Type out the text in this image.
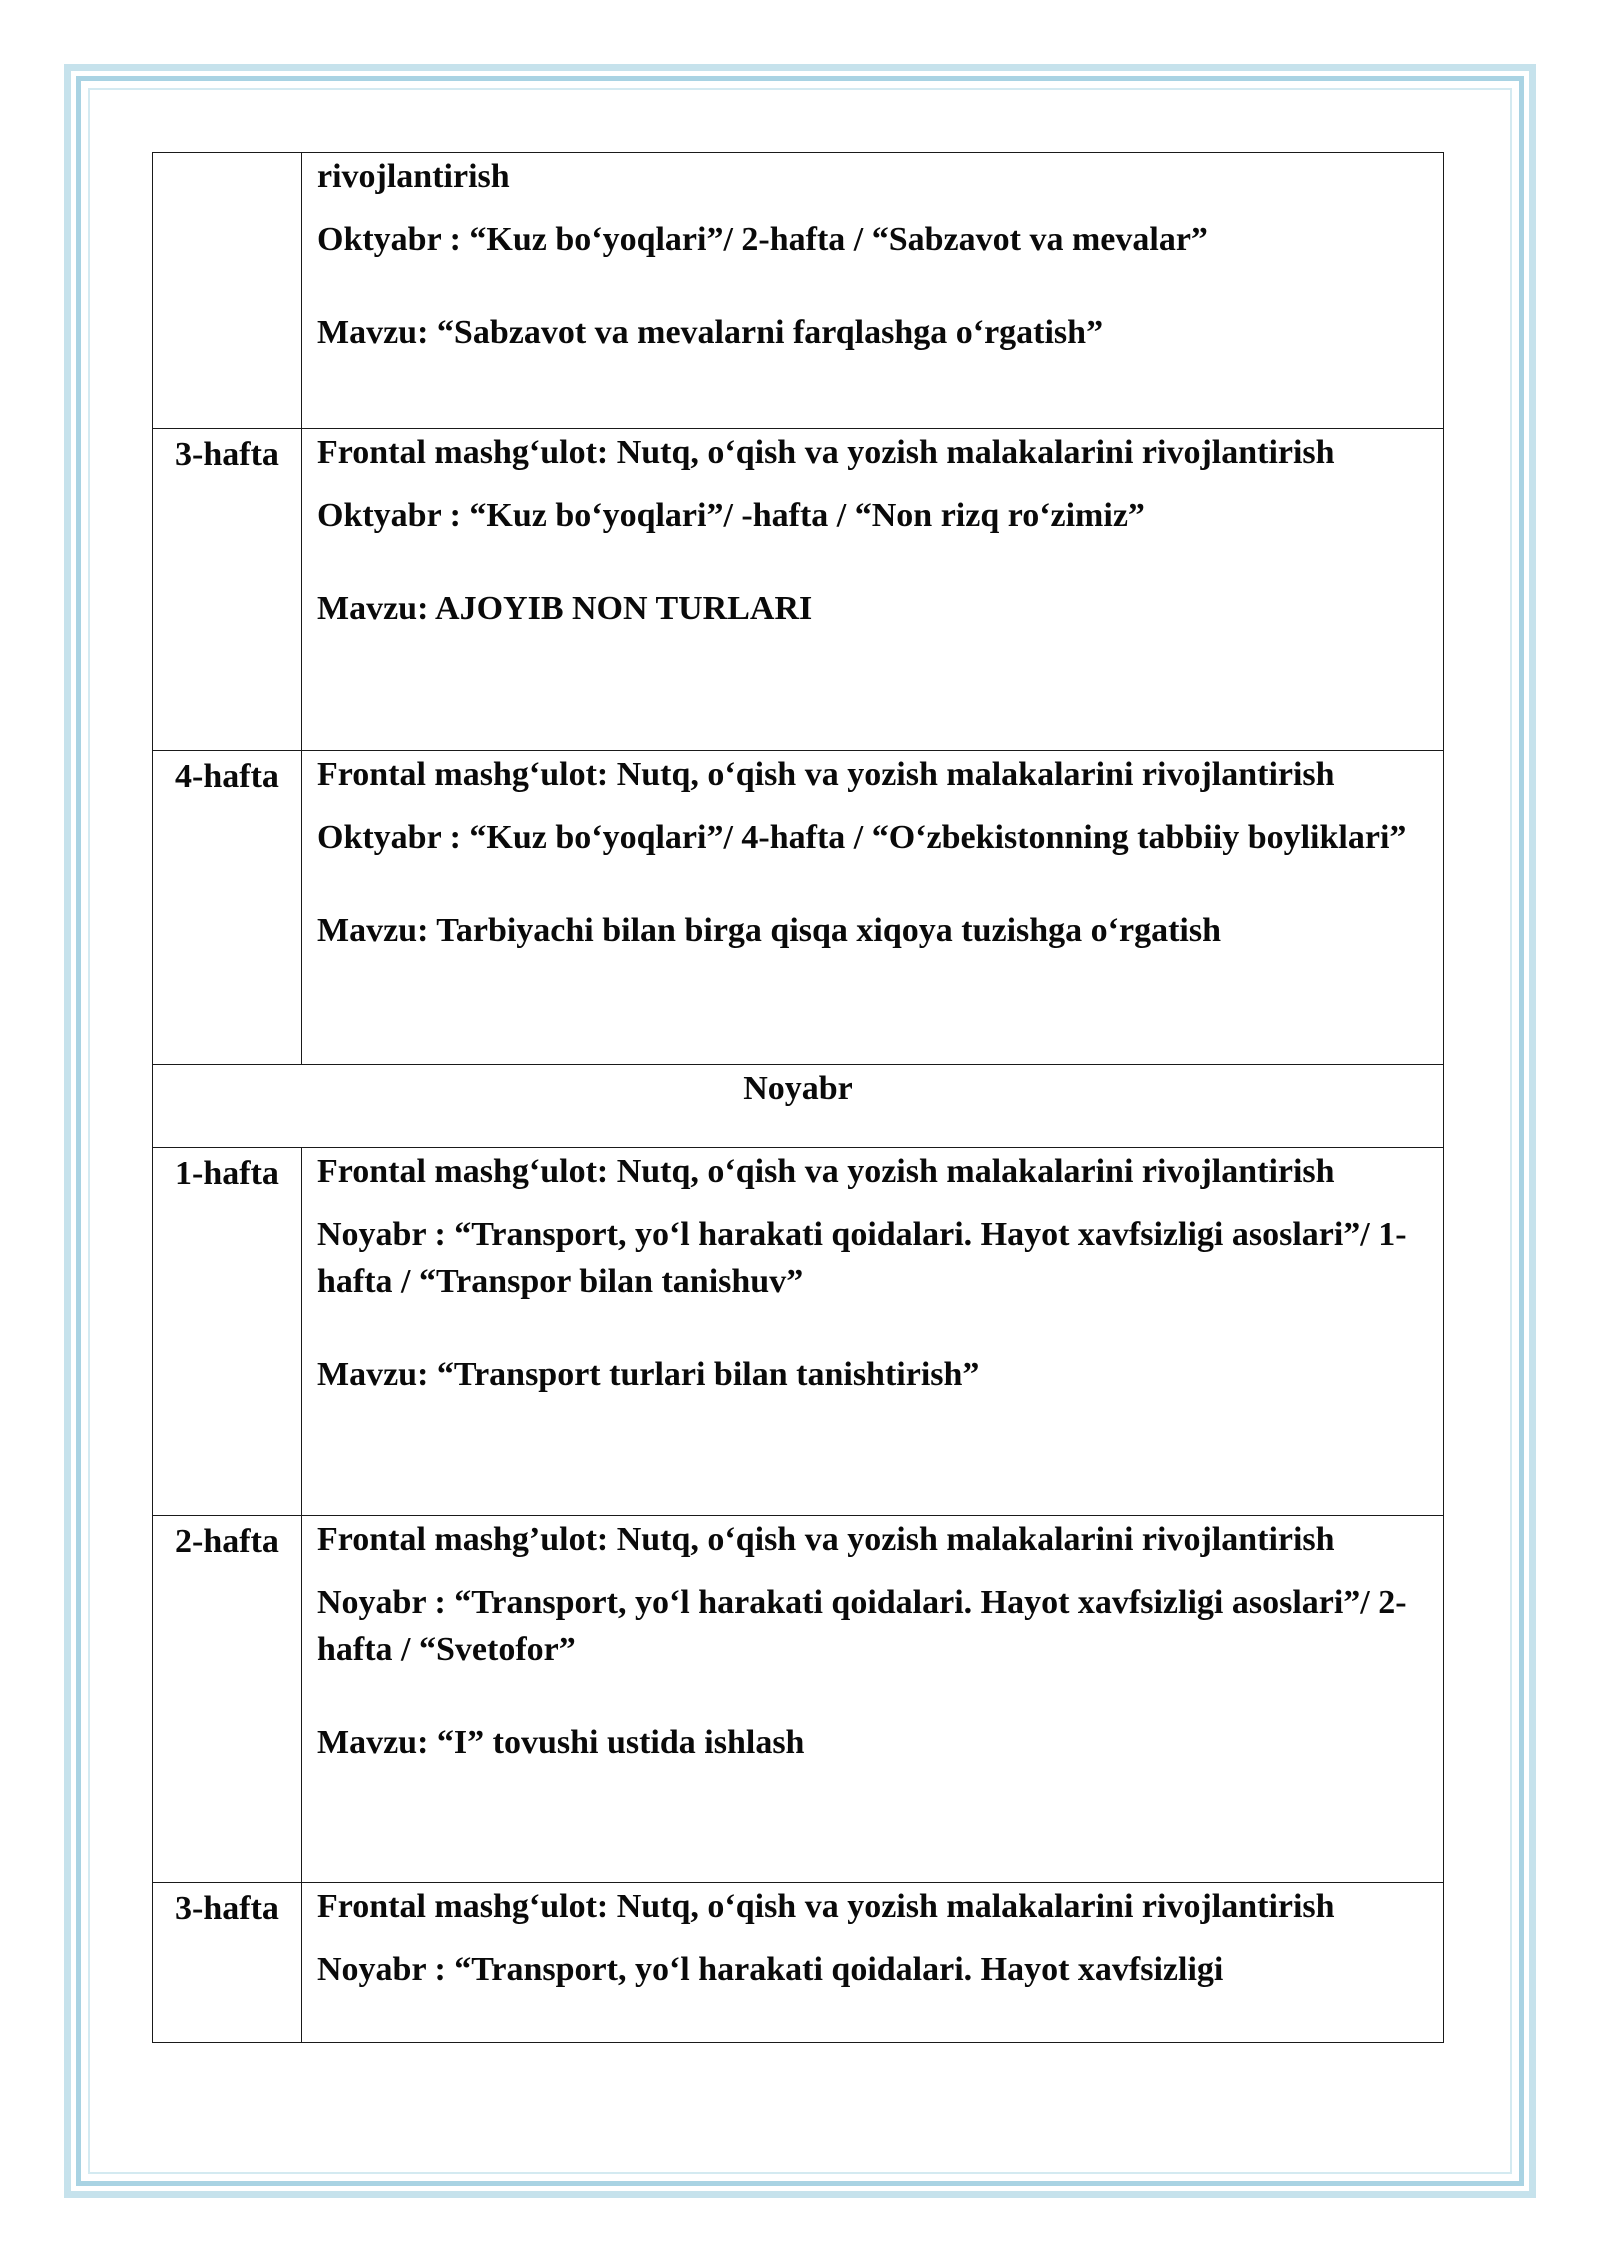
	rivojlantirish

Oktyabr : “Kuz bo‘yoqlari”/ 2-hafta / “Sabzavot va mevalar”

Mavzu: “Sabzavot va mevalarni farqlashga o‘rgatish”

3-hafta	Frontal mashg‘ulot: Nutq, o‘qish va yozish malakalarini rivojlantirish

Oktyabr : “Kuz bo‘yoqlari”/ -hafta / “Non rizq ro‘zimiz”

Mavzu: AJOYIB NON TURLARI

4-hafta	Frontal mashg‘ulot: Nutq, o‘qish va yozish malakalarini rivojlantirish

Oktyabr : “Kuz bo‘yoqlari”/ 4-hafta / “O‘zbekistonning tabbiiy boyliklari”

Mavzu: Tarbiyachi bilan birga qisqa xiqoya tuzishga o‘rgatish

Noyabr	

1-hafta	Frontal mashg‘ulot: Nutq, o‘qish va yozish malakalarini rivojlantirish

Noyabr : “Transport, yo‘l harakati qoidalari. Hayot xavfsizligi asoslari”/ 1-hafta / “Transpor bilan tanishuv”

Mavzu: “Transport turlari bilan tanishtirish”

2-hafta	Frontal mashg’ulot: Nutq, o‘qish va yozish malakalarini rivojlantirish

Noyabr : “Transport, yo‘l harakati qoidalari. Hayot xavfsizligi asoslari”/ 2-hafta / “Svetofor”

Mavzu: “I” tovushi ustida ishlash

3-hafta	Frontal mashg‘ulot: Nutq, o‘qish va yozish malakalarini rivojlantirish

Noyabr : “Transport, yo‘l harakati qoidalari. Hayot xavfsizligi
